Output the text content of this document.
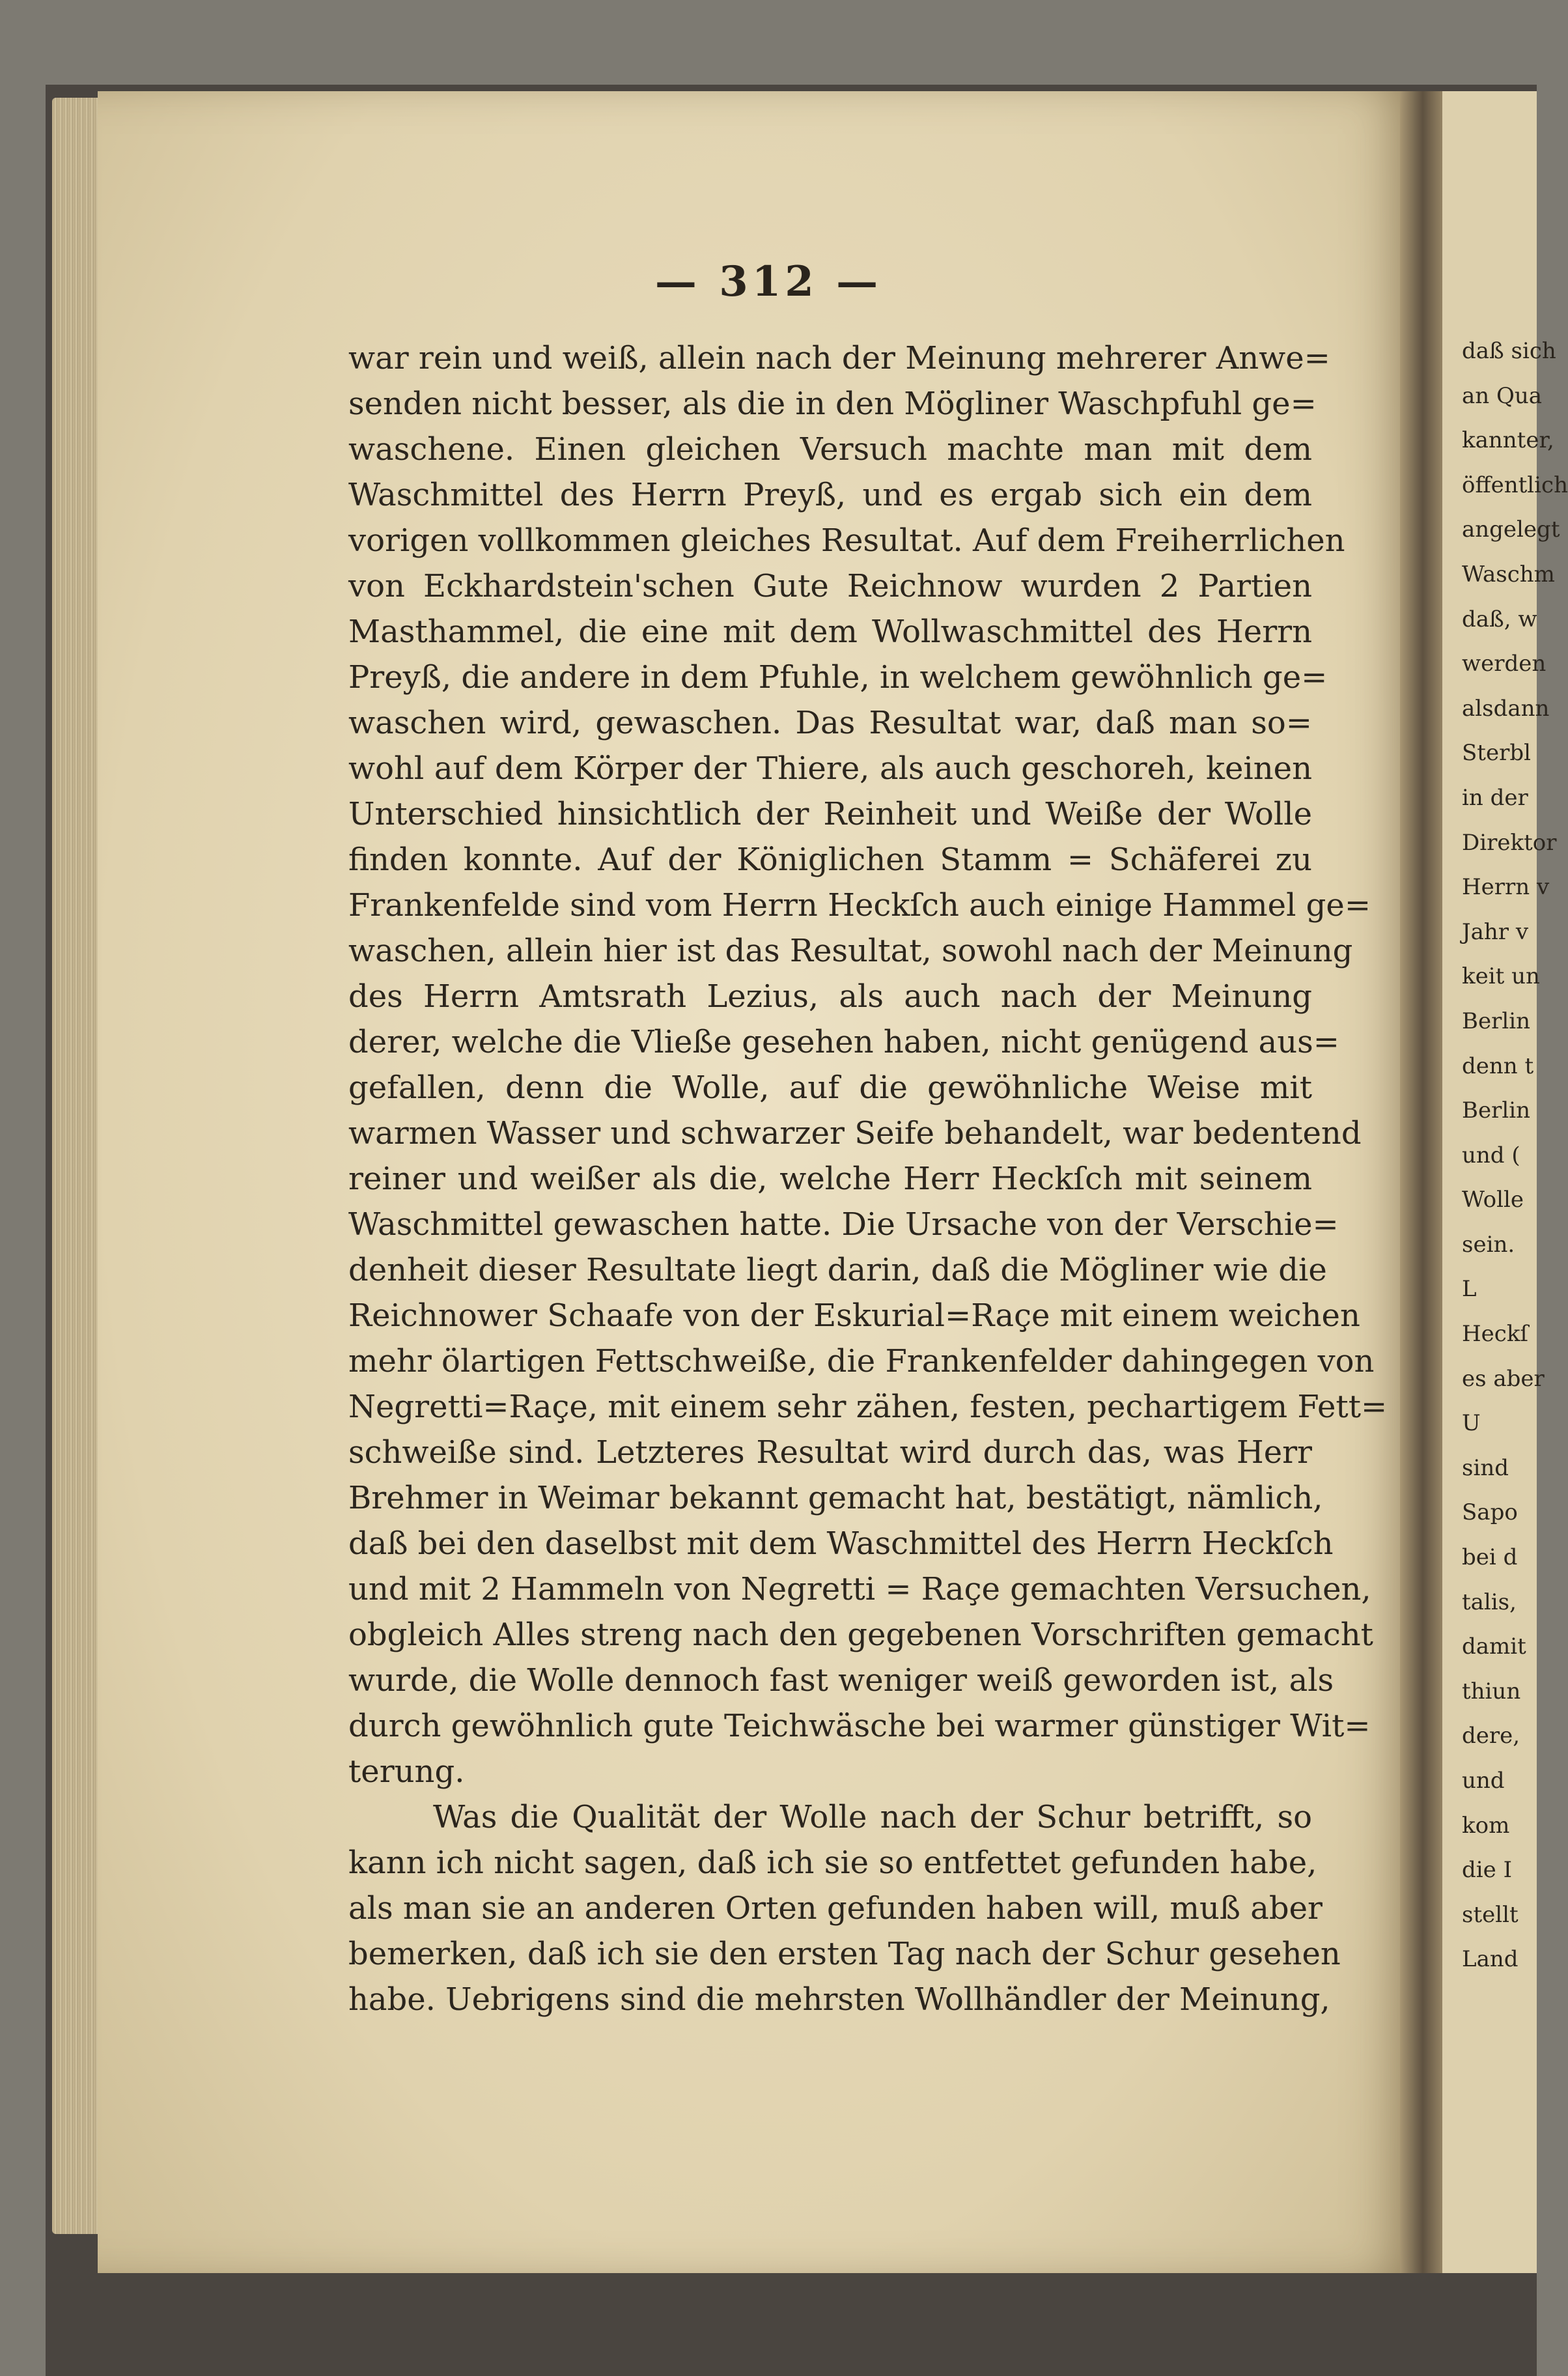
— 312 —
war rein und weiß, allein nach der Meinung mehrerer Anwe=
senden nicht besser, als die in den Mögliner Waschpfuhl ge=
waschene. Einen gleichen Versuch machte man mit dem
Waschmittel des Herrn Preyß, und es ergab sich ein dem
vorigen vollkommen gleiches Resultat. Auf dem Freiherrlichen
von Eckhardstein'schen Gute Reichnow wurden 2 Partien
Masthammel, die eine mit dem Wollwaschmittel des Herrn
Preyß, die andere in dem Pfuhle, in welchem gewöhnlich ge=
waschen wird, gewaschen. Das Resultat war, daß man so=
wohl auf dem Körper der Thiere, als auch geschoreh, keinen
Unterschied hinsichtlich der Reinheit und Weiße der Wolle
finden konnte. Auf der Königlichen Stamm = Schäferei zu
Frankenfelde sind vom Herrn Heckſch auch einige Hammel ge=
waschen, allein hier ist das Resultat, sowohl nach der Meinung
des Herrn Amtsrath Lezius, als auch nach der Meinung
derer, welche die Vließe gesehen haben, nicht genügend aus=
gefallen, denn die Wolle, auf die gewöhnliche Weise mit
warmen Wasser und schwarzer Seife behandelt, war bedentend
reiner und weißer als die, welche Herr Heckſch mit seinem
Waschmittel gewaschen hatte. Die Ursache von der Verschie=
denheit dieser Resultate liegt darin, daß die Mögliner wie die
Reichnower Schaafe von der Eskurial=Raçe mit einem weichen
mehr ölartigen Fettschweiße, die Frankenfelder dahingegen von
Negretti=Raçe, mit einem sehr zähen, festen, pechartigem Fett=
schweiße sind. Letzteres Resultat wird durch das, was Herr
Brehmer in Weimar bekannt gemacht hat, bestätigt, nämlich,
daß bei den daselbst mit dem Waschmittel des Herrn Heckſch
und mit 2 Hammeln von Negretti = Raçe gemachten Versuchen,
obgleich Alles streng nach den gegebenen Vorschriften gemacht
wurde, die Wolle dennoch fast weniger weiß geworden ist, als
durch gewöhnlich gute Teichwäsche bei warmer günstiger Wit=
terung.
Was die Qualität der Wolle nach der Schur betrifft, so
kann ich nicht sagen, daß ich sie so entfettet gefunden habe,
als man sie an anderen Orten gefunden haben will, muß aber
bemerken, daß ich sie den ersten Tag nach der Schur gesehen
habe. Uebrigens sind die mehrsten Wollhändler der Meinung,
daß sich
an Qua
kannter,
öffentlich
angelegt
Waschm
daß, w
werden
alsdann
Sterbl
in der
Direktor
Herrn v
Jahr v
keit un
Berlin
denn t
Berlin
und (
Wolle
sein.
L
Heckſ
es aber
U
sind
Sapo
bei d
talis,
damit
thiun
dere,
und
kom
die I
stellt
Land
